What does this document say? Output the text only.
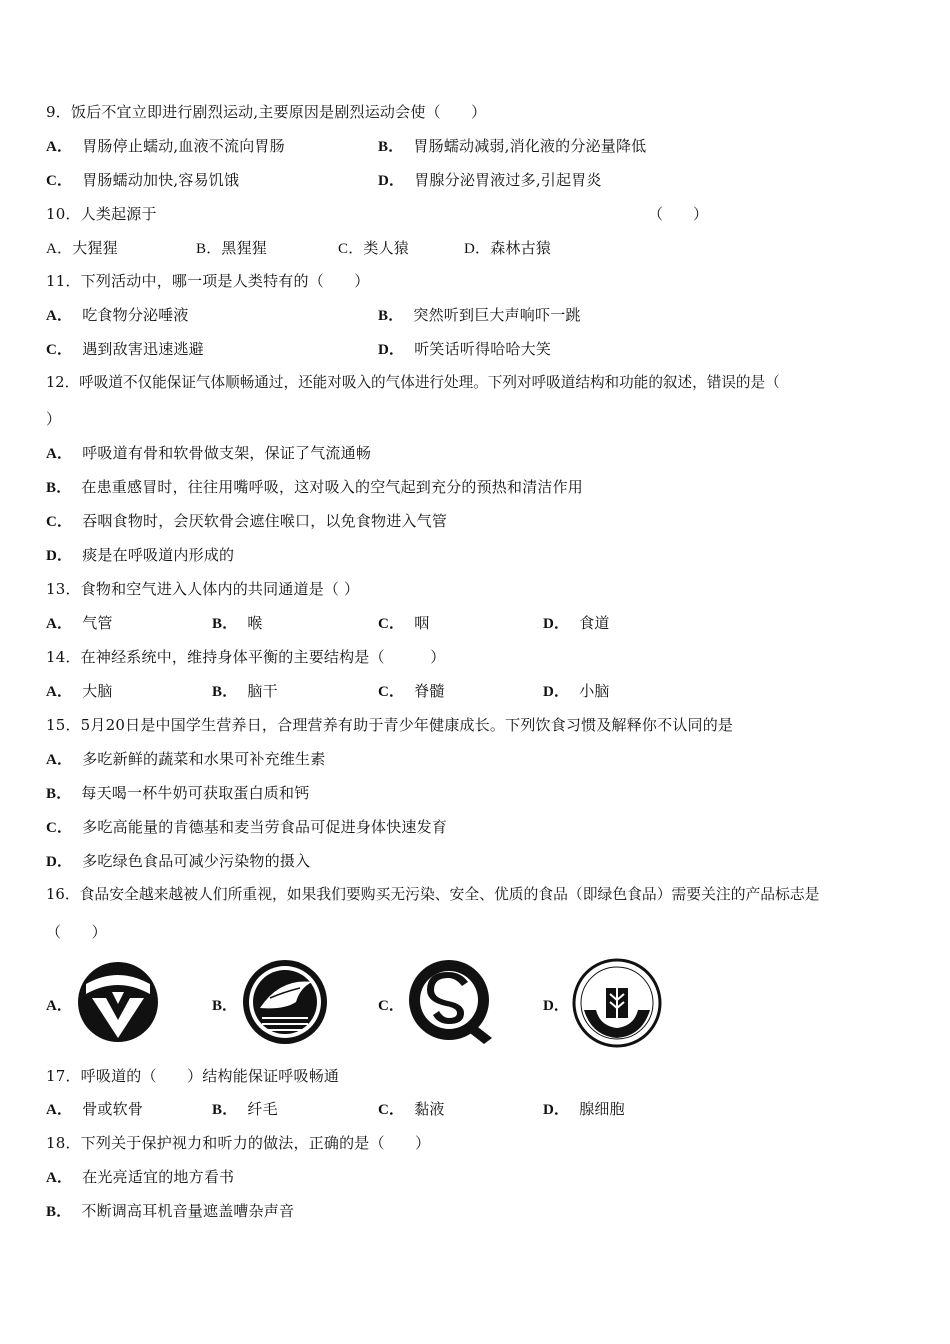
9．饭后不宜立即进行剧烈运动,主要原因是剧烈运动会使（　　）
A． 胃肠停止蠕动,血液不流向胃肠	B． 胃肠蠕动减弱,消化液的分泌量降低
C． 胃肠蠕动加快,容易饥饿	D． 胃腺分泌胃液过多,引起胃炎
10．人类起源于	（　　）
A．大猩猩	B．黑猩猩	C．类人猿	D．森林古猿
11．下列活动中，哪一项是人类特有的（　　）
A． 吃食物分泌唾液	B． 突然听到巨大声响吓一跳
C． 遇到敌害迅速逃避	D． 听笑话听得哈哈大笑
12．呼吸道不仅能保证气体顺畅通过，还能对吸入的气体进行处理。下列对呼吸道结构和功能的叙述，错误的是（
）
A． 呼吸道有骨和软骨做支架，保证了气流通畅
B． 在患重感冒时，往往用嘴呼吸，这对吸入的空气起到充分的预热和清洁作用
C． 吞咽食物时，会厌软骨会遮住喉口，以免食物进入气管
D． 痰是在呼吸道内形成的
13．食物和空气进入人体内的共同通道是（ ）
A． 气管	B． 喉	C． 咽	D． 食道
14．在神经系统中，维持身体平衡的主要结构是（　　　）
A． 大脑	B． 脑干	C． 脊髓	D． 小脑
15．5月20日是中国学生营养日，合理营养有助于青少年健康成长。下列饮食习惯及解释你不认同的是
A． 多吃新鲜的蔬菜和水果可补充维生素
B． 每天喝一杯牛奶可获取蛋白质和钙
C． 多吃高能量的肯德基和麦当劳食品可促进身体快速发育
D． 多吃绿色食品可减少污染物的摄入
16．食品安全越来越被人们所重视，如果我们要购买无污染、安全、优质的食品（即绿色食品）需要关注的产品标志是
（　　）
A．	B．	C．	D．
17．呼吸道的（　　）结构能保证呼吸畅通
A． 骨或软骨	B． 纤毛	C． 黏液	D． 腺细胞
18．下列关于保护视力和听力的做法，正确的是（　　）
A． 在光亮适宜的地方看书
B． 不断调高耳机音量遮盖嘈杂声音
